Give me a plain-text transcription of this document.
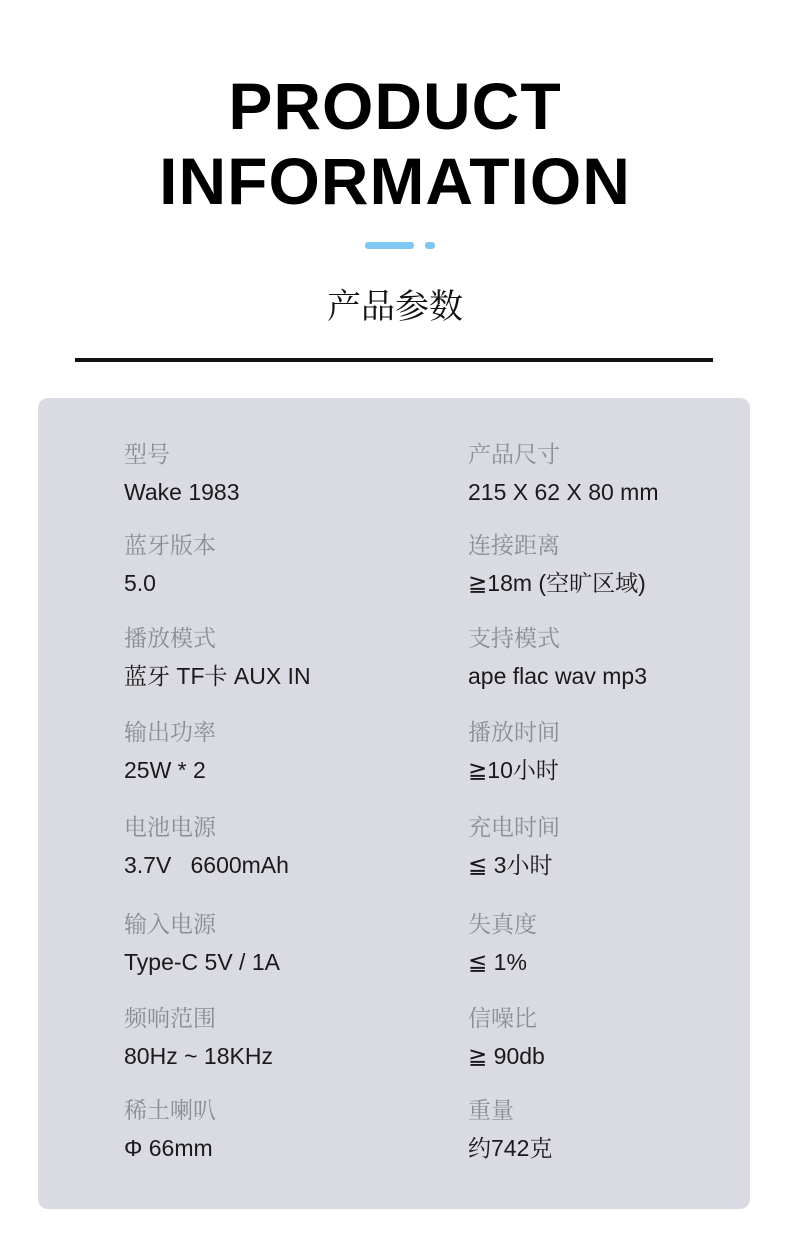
PRODUCT
INFORMATION
产品参数
型号
Wake 1983
蓝牙版本
5.0
播放模式
蓝牙 TF卡 AUX IN
输出功率
25W * 2
电池电源
3.7V   6600mAh
输入电源
Type-C 5V / 1A
频响范围
80Hz ~ 18KHz
稀土喇叭
Φ 66mm
产品尺寸
215 X 62 X 80 mm
连接距离
≧18m (空旷区域)
支持模式
ape flac wav mp3
播放时间
≧10小时
充电时间
≦ 3小时
失真度
≦ 1%
信噪比
≧ 90db
重量
约742克
